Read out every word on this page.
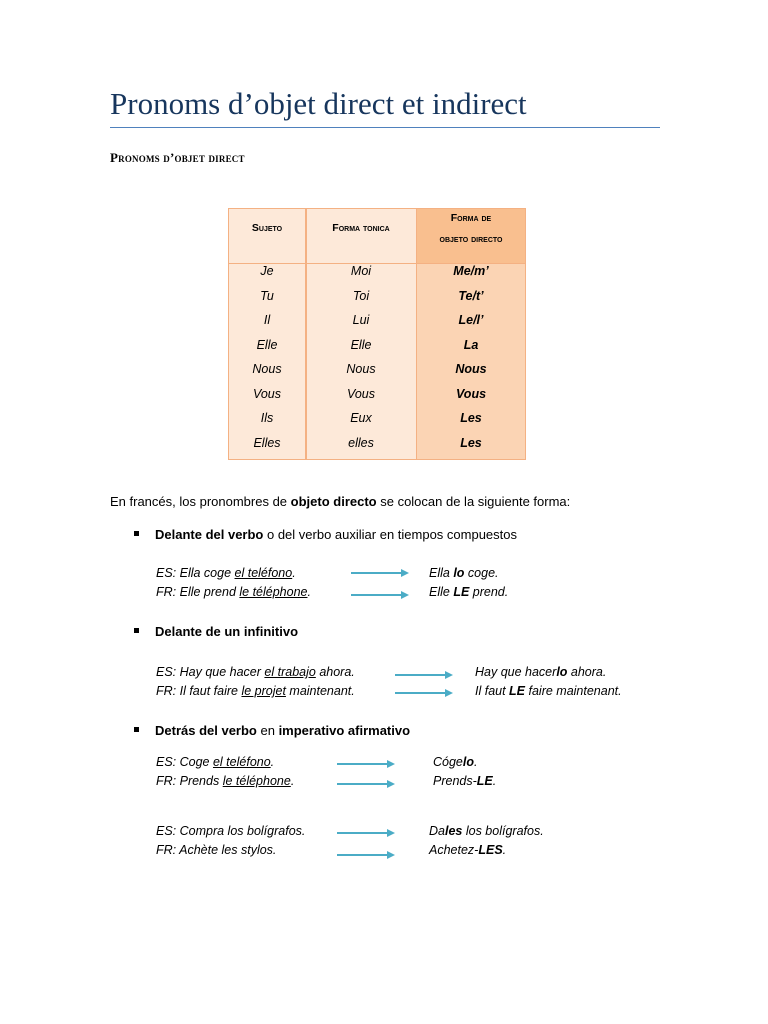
Pronoms d’objet direct et indirect
Pronoms d’objet direct
Sujeto	Forma tonica
Forma de
objeto directo
Je	Moi	Me/m’
Tu	Toi	Te/t’
Il	Lui	Le/l’
Elle	Elle	La
Nous	Nous	Nous
Vous	Vous	Vous
Ils	Eux	Les
Elles	elles	Les
En francés, los pronombres de objeto directo se colocan de la siguiente forma:
Delante del verbo o del verbo auxiliar en tiempos compuestos
ES: Ella coge el teléfono.	Ella lo coge.
FR: Elle prend le téléphone.	Elle LE prend.
Delante de un infinitivo
ES: Hay que hacer el trabajo ahora.	Hay que hacerlo ahora.
FR: Il faut faire le projet maintenant.	Il faut LE faire maintenant.
Detrás del verbo en imperativo afirmativo
ES: Coge el teléfono.	Cógelo.
FR: Prends le téléphone.	Prends-LE.
ES: Compra los bolígrafos.	Dales los bolígrafos.
FR: Achète les stylos.	Achetez-LES.
